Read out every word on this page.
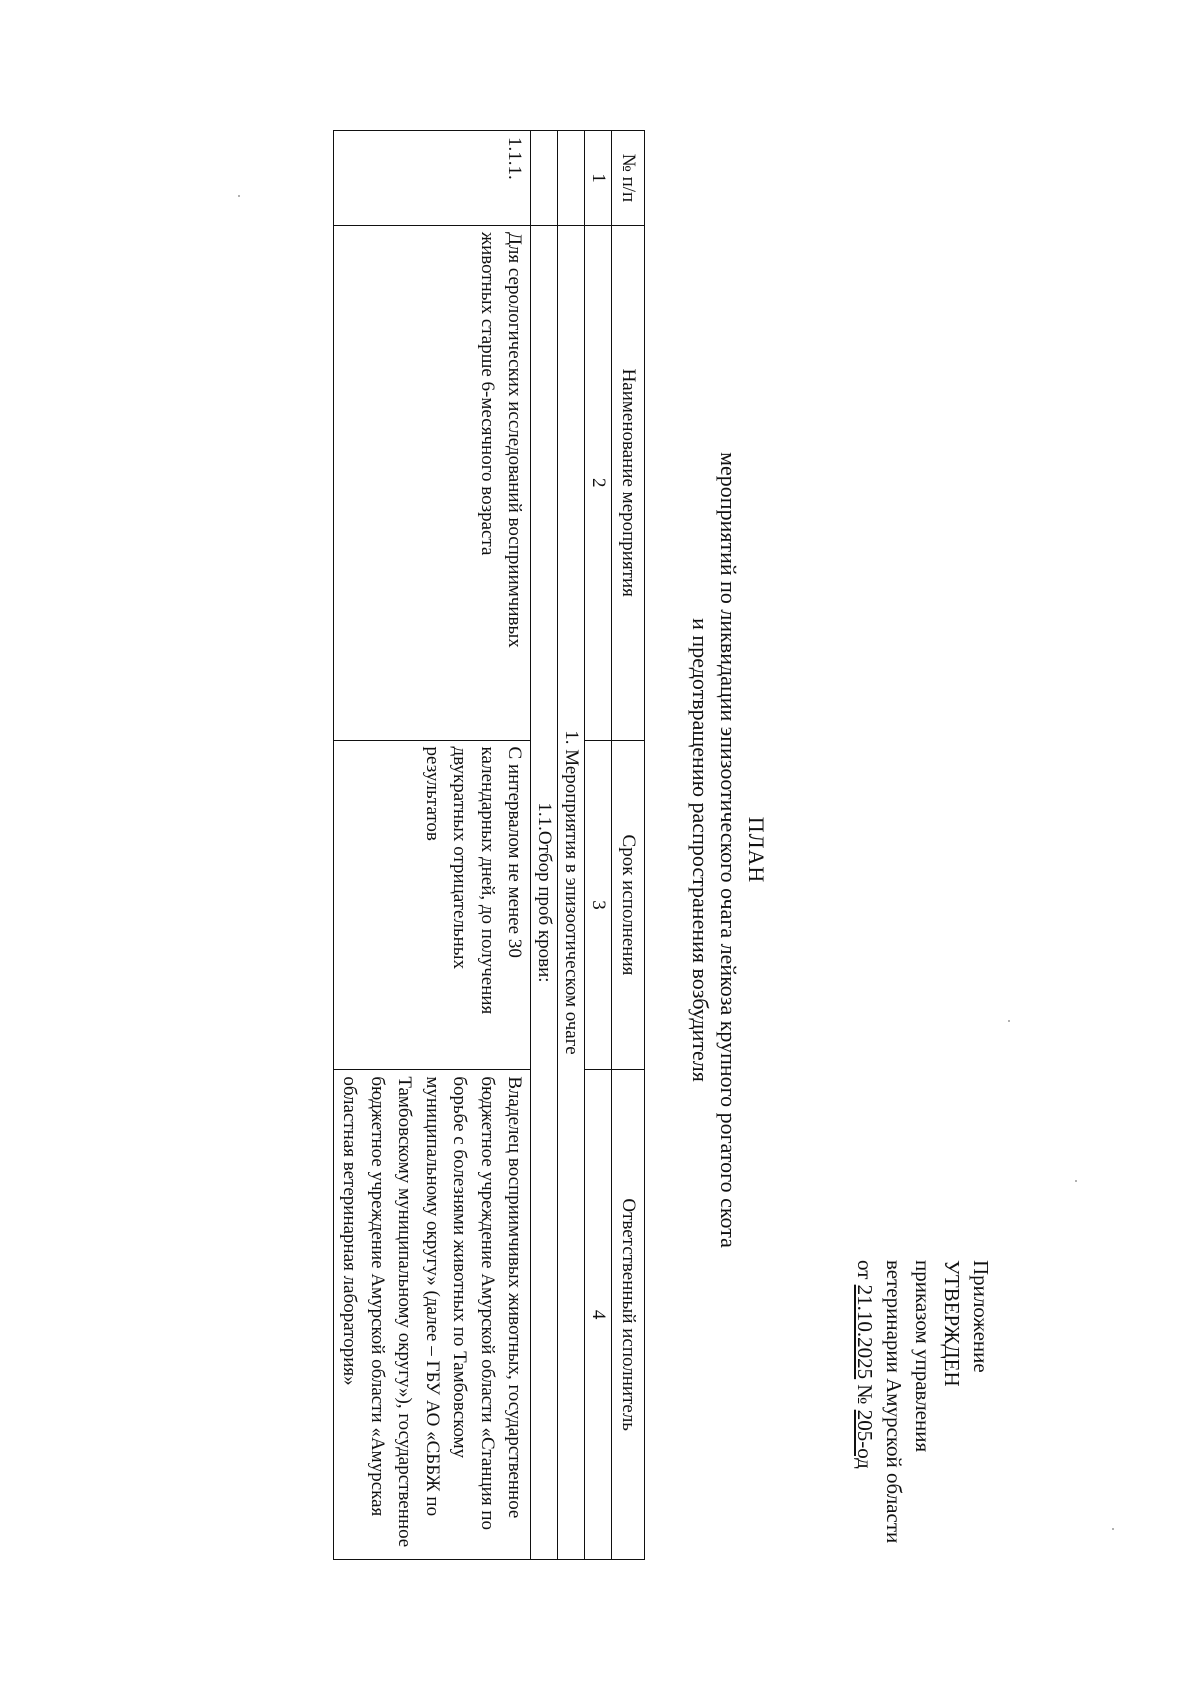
Приложение
УТВЕРЖДЕН
приказом управления
ветеринарии Амурской области
от 21.10.2025 № 205-од
ПЛАН
мероприятий по ликвидации эпизоотического очага лейкоза крупного рогатого скота
и предотвращению распространения возбудителя
№ п/п	Наименование мероприятия	Срок исполнения	Ответственный исполнитель
1	2	3	4
	1. Мероприятия в эпизоотическом очаге		
	1.1.Отбор проб крови:		
1.1.1.	Для серологических исследований восприимчивых животных старше 6-месячного возраста	С интервалом не менее 30 календарных дней, до получения двукратных отрицательных результатов	Владелец восприимчивых животных, государственное бюджетное учреждение Амурской области «Станция по борьбе с болезнями животных по Тамбовскому муниципальному округу» (далее – ГБУ АО «СББЖ по Тамбовскому муниципальному округу»), государственное бюджетное учреждение Амурской области «Амурская областная ветеринарная лаборатория»
